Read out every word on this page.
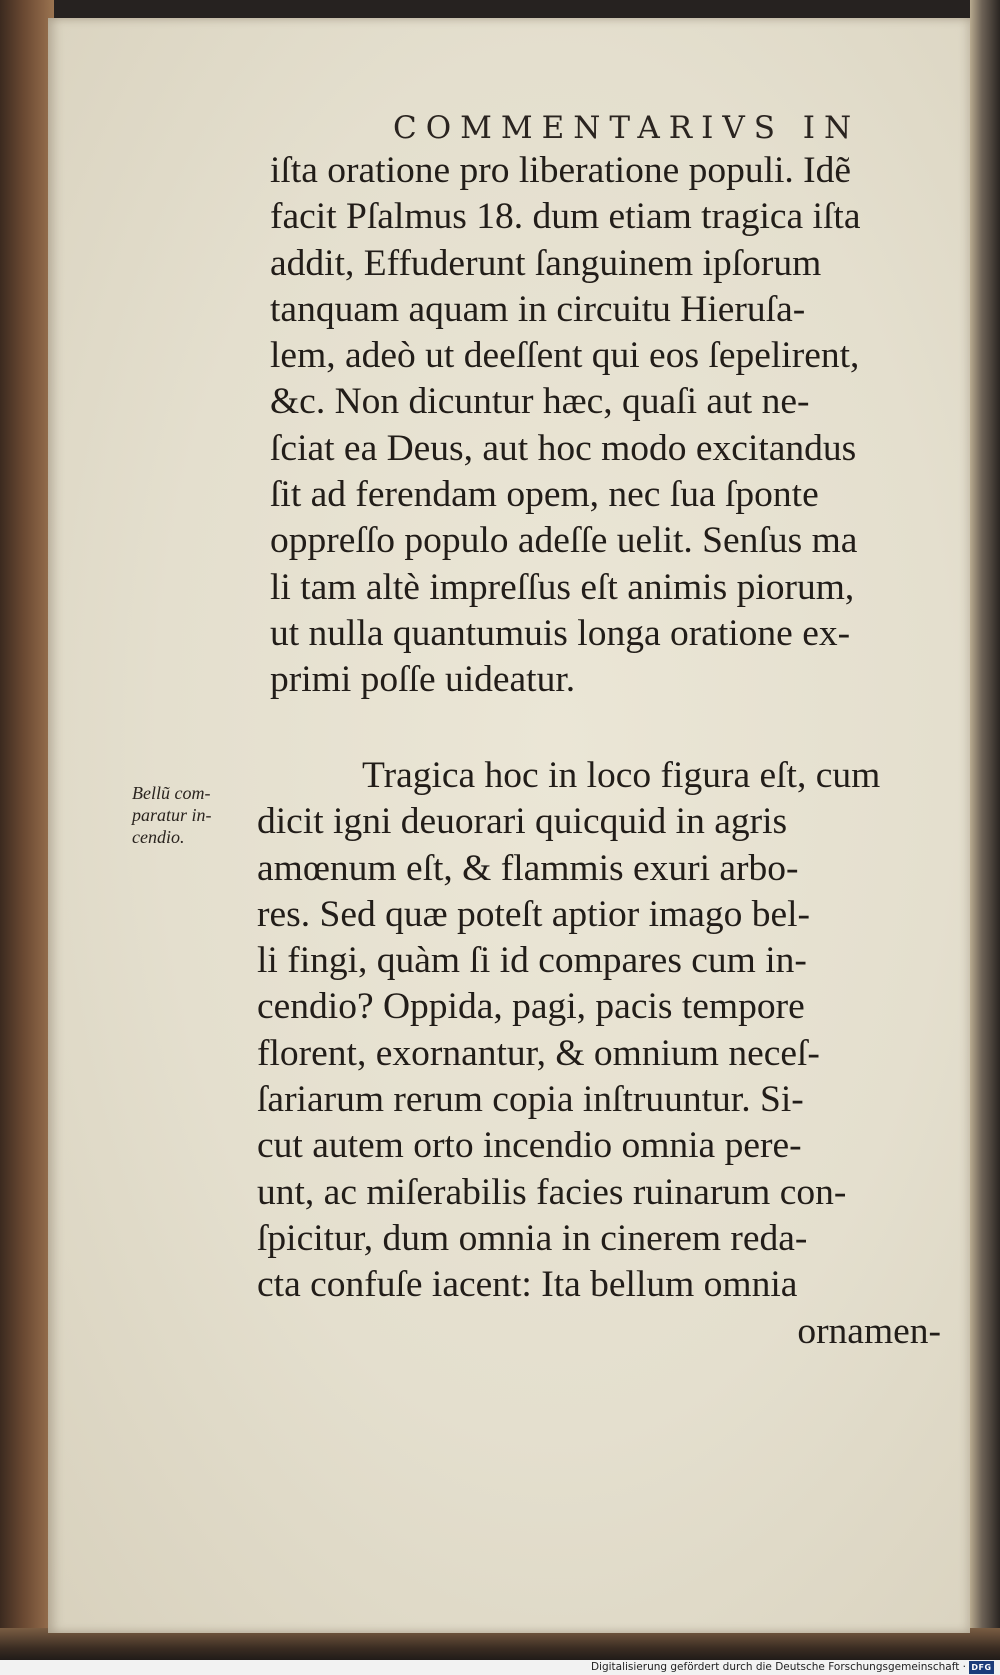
COMMENTARIVS IN
iſta oratione pro liberatione populi. Idẽ
facit Pſalmus 18. dum etiam tragica iſta
addit, Effuderunt ſanguinem ipſorum
tanquam aquam in circuitu Hieruſa-
lem, adeò ut deeſſent qui eos ſepelirent,
&c. Non dicuntur hæc, quaſi aut ne-
ſciat ea Deus, aut hoc modo excitandus
ſit ad ferendam opem, nec ſua ſponte
oppreſſo populo adeſſe uelit. Senſus ma
li tam altè impreſſus eſt animis piorum,
ut nulla quantumuis longa oratione ex-
primi poſſe uideatur.
Bellũ com-
paratur in-
cendio.
Tragica hoc in loco figura eſt, cum
dicit igni deuorari quicquid in agris
amœnum eſt, & flammis exuri arbo-
res. Sed quæ poteſt aptior imago bel-
li fingi, quàm ſi id compares cum in-
cendio? Oppida, pagi, pacis tempore
florent, exornantur, & omnium neceſ-
ſariarum rerum copia inſtruuntur. Si-
cut autem orto incendio omnia pere-
unt, ac miſerabilis facies ruinarum con-
ſpicitur, dum omnia in cinerem reda-
cta confuſe iacent: Ita bellum omnia
ornamen-
Digitalisierung gefördert durch die Deutsche Forschungsgemeinschaft · DFG
